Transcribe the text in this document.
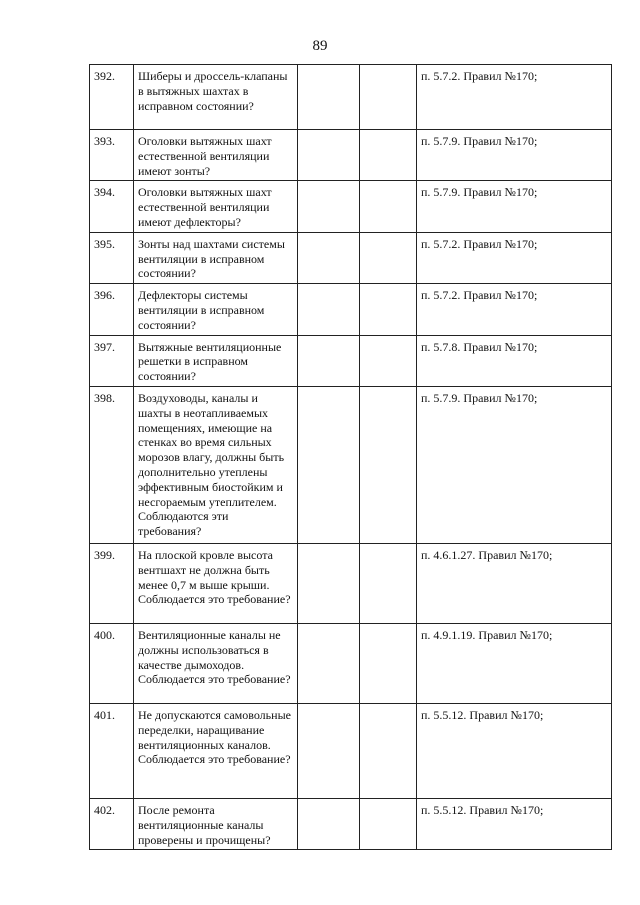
89
392.	Шиберы и дроссель-клапаны в вытяжных шахтах в исправном состоянии?			п. 5.7.2. Правил №170;
393.	Оголовки вытяжных шахт естественной вентиляции имеют зонты?			п. 5.7.9. Правил №170;
394.	Оголовки вытяжных шахт естественной вентиляции имеют дефлекторы?			п. 5.7.9. Правил №170;
395.	Зонты над шахтами системы вентиляции в исправном состоянии?			п. 5.7.2. Правил №170;
396.	Дефлекторы системы вентиляции в исправном состоянии?			п. 5.7.2. Правил №170;
397.	Вытяжные вентиляционные решетки в исправном состоянии?			п. 5.7.8. Правил №170;
398.	Воздуховоды, каналы и шахты в неотапливаемых помещениях, имеющие на стенках во время сильных морозов влагу, должны быть дополнительно утеплены эффективным биостойким и несгораемым утеплителем. Соблюдаются эти требования?			п. 5.7.9. Правил №170;
399.	На плоской кровле высота вентшахт не должна быть менее 0,7 м выше крыши. Соблюдается это требование?			п. 4.6.1.27. Правил №170;
400.	Вентиляционные каналы не должны использоваться в качестве дымоходов. Соблюдается это требование?			п. 4.9.1.19. Правил №170;
401.	Не допускаются самовольные переделки, наращивание вентиляционных каналов. Соблюдается это требование?			п. 5.5.12. Правил №170;
402.	После ремонта вентиляционные каналы проверены и прочищены?			п. 5.5.12. Правил №170;
